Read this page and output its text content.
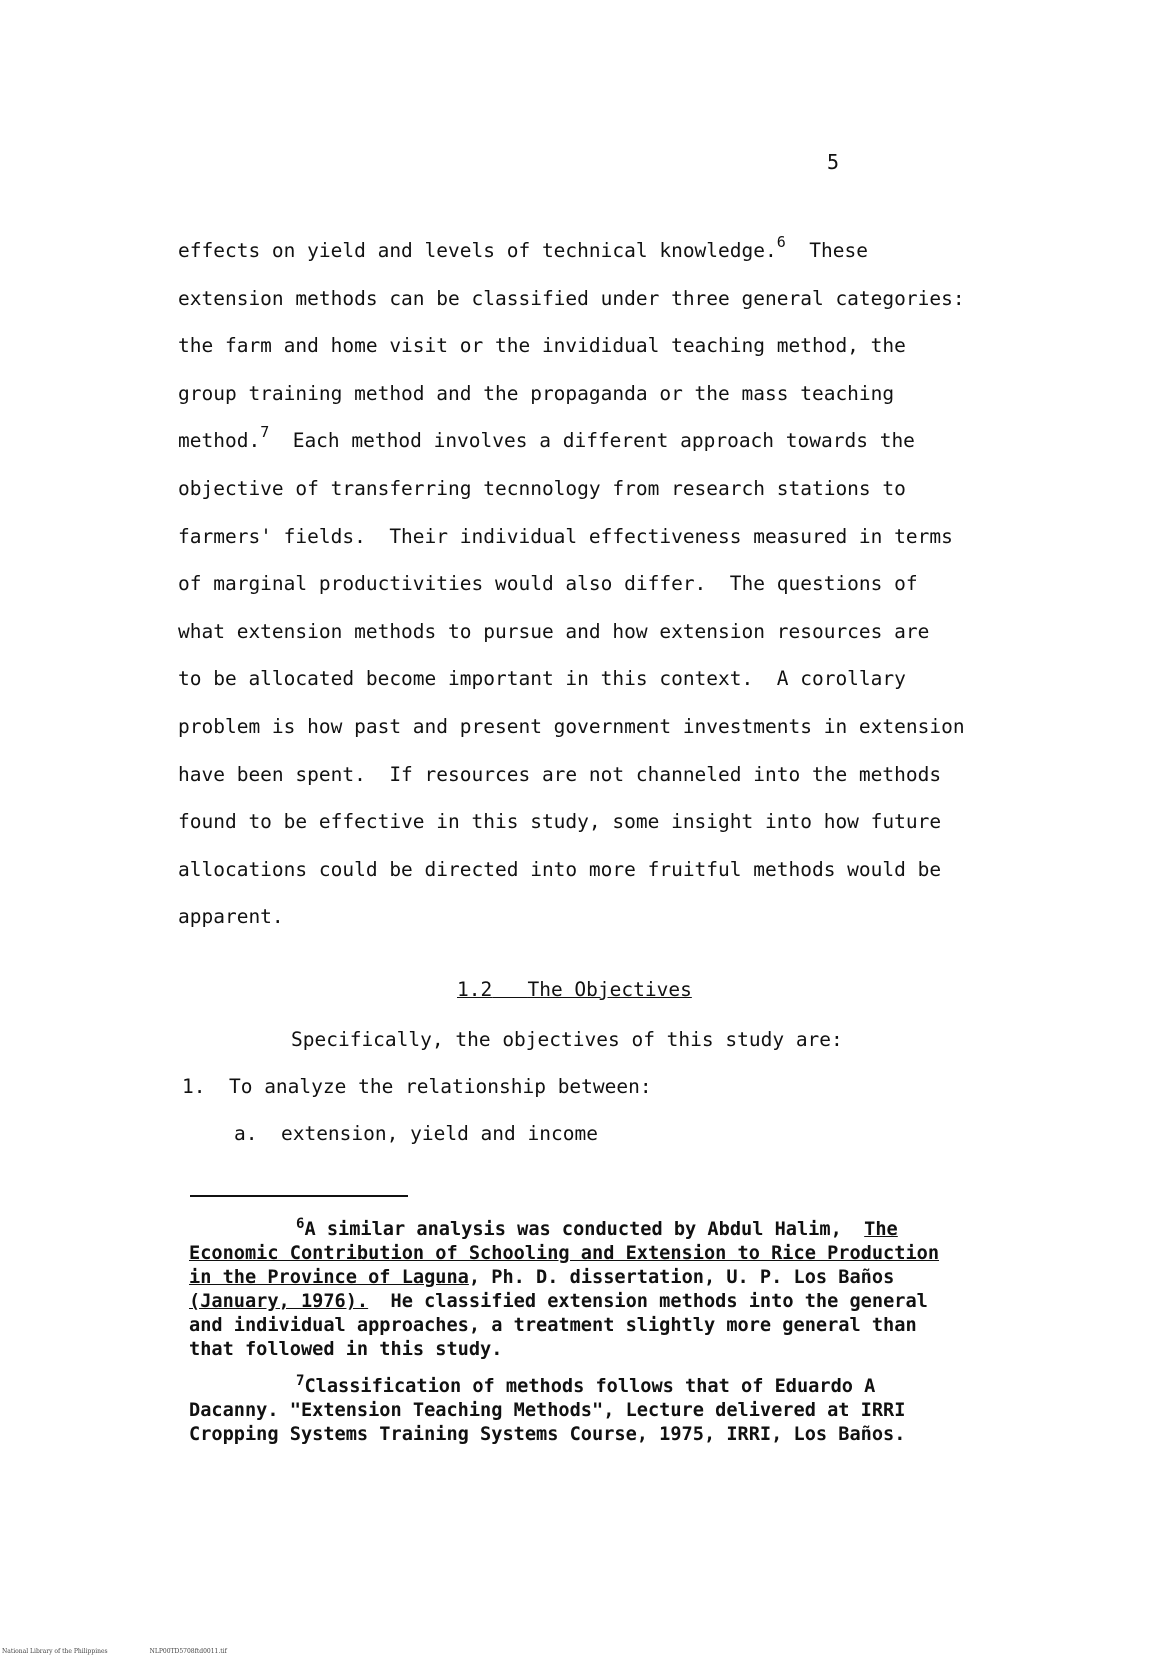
5
effects on yield and levels of technical knowledge.$^6$  These
extension methods can be classified under three general categories:
the farm and home visit or the invididual teaching method, the
group training method and the propaganda or the mass teaching
method.$^7$  Each method involves a different approach towards the
objective of transferring tecnnology from research stations to
farmers' fields.  Their individual effectiveness measured in terms
of marginal productivities would also differ.  The questions of
what extension methods to pursue and how extension resources are
to be allocated become important in this context.  A corollary
problem is how past and present government investments in extension
have been spent.  If resources are not channeled into the methods
found to be effective in this study, some insight into how future
allocations could be directed into more fruitful methods would be
apparent.
1.2 The Objectives
Specifically, the objectives of this study are:
1. To analyze the relationship between:
a. extension, yield and income
$^6$A similar analysis was conducted by Abdul Halim,  The
Economic Contribution of Schooling and Extension to Rice Production
in the Province of Laguna, Ph. D. dissertation, U. P. Los Baños
(January, 1976).  He classified extension methods into the general
and individual approaches, a treatment slightly more general than
that followed in this study.
$^7$Classification of methods follows that of Eduardo A
Dacanny. "Extension Teaching Methods", Lecture delivered at IRRI
Cropping Systems Training Systems Course, 1975, IRRI, Los Baños.
National Library of the Philippines	NLP00TD5708ftd0011.tif
